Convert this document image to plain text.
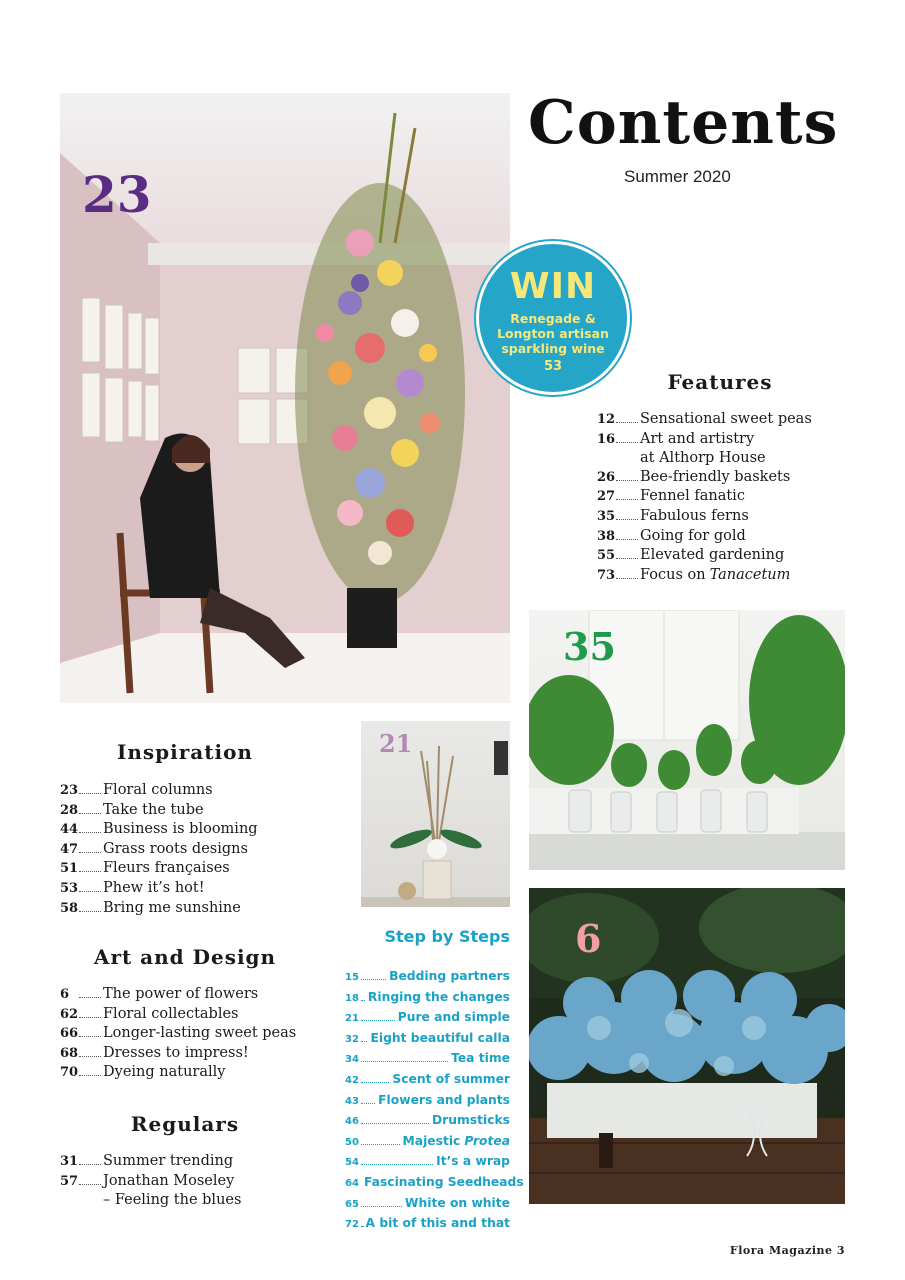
Contents
Summer 2020
23
WIN
Renegade & Longton artisan sparkling wine
53
Features
12 Sensational sweet peas
16 Art and artistry
at Althorp House
26 Bee-friendly baskets
27 Fennel fanatic
35 Fabulous ferns
38 Going for gold
55 Elevated gardening
73 Focus on Tanacetum
35
21
Inspiration
23 Floral columns
28 Take the tube
44 Business is blooming
47 Grass roots designs
51 Fleurs françaises
53 Phew it’s hot!
58 Bring me sunshine
Art and Design
6	The power of flowers
62 Floral collectables
66 Longer-lasting sweet peas
68 Dresses to impress!
70 Dyeing naturally
Regulars
31 Summer trending
57 Jonathan Moseley
– Feeling the blues
Step by Steps
15 Bedding partners
18 Ringing the changes
21	Pure and simple
32 Eight beautiful calla
34	Tea time
42	Scent of summer
43 Flowers and plants
46	Drumsticks
50	Majestic Protea
54	It’s a wrap
64 Fascinating Seedheads
65	White on white
72 A bit of this and that
6
Flora Magazine 3
